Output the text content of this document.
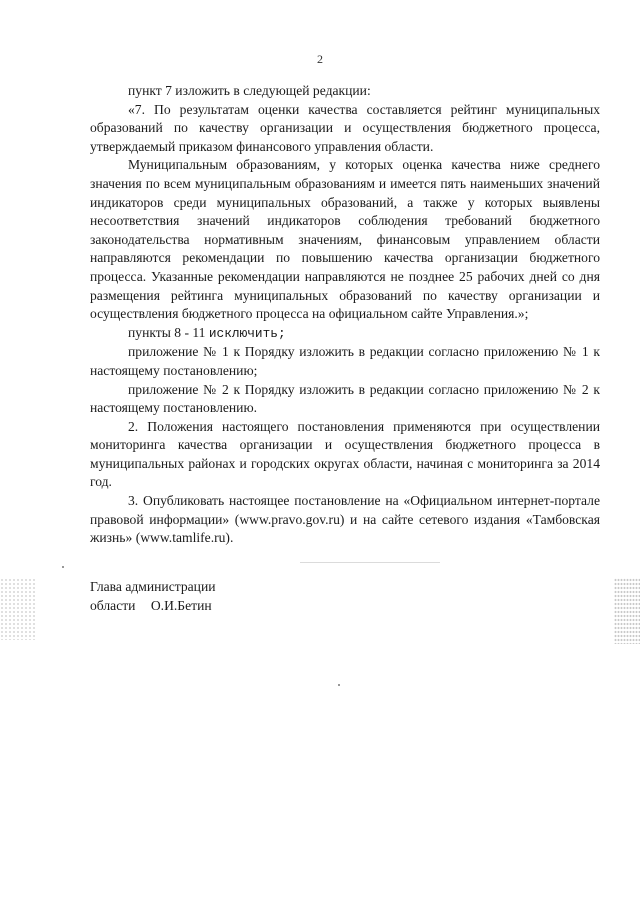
2

пункт 7 изложить в следующей редакции:

«7. По результатам оценки качества составляется рейтинг муниципальных образований по качеству организации и осуществления бюджетного процесса, утверждаемый приказом финансового управления области.

Муниципальным образованиям, у которых оценка качества ниже среднего значения по всем муниципальным образованиям и имеется пять наименьших значений индикаторов среди муниципальных образований, а также у которых выявлены несоответствия значений индикаторов соблюдения требований бюджетного законодательства нормативным значениям, финансовым управлением области направляются рекомендации по повышению качества организации бюджетного процесса. Указанные рекомендации направляются не позднее 25 рабочих дней со дня размещения рейтинга муниципальных образований по качеству организации и осуществления бюджетного процесса на официальном сайте Управления.»;

пункты 8 - 11 исключить;

приложение № 1 к Порядку изложить в редакции согласно приложению № 1 к настоящему постановлению;

приложение № 2 к Порядку изложить в редакции согласно приложению № 2 к настоящему постановлению.

2. Положения настоящего постановления применяются при осуществлении мониторинга качества организации и осуществления бюджетного процесса в муниципальных районах и городских округах области, начиная с мониторинга за 2014 год.

3. Опубликовать настоящее постановление на «Официальном интернет-портале правовой информации» (www.pravo.gov.ru) и на сайте сетевого издания «Тамбовская жизнь» (www.tamlife.ru).

Глава администрации
области О.И.Бетин
